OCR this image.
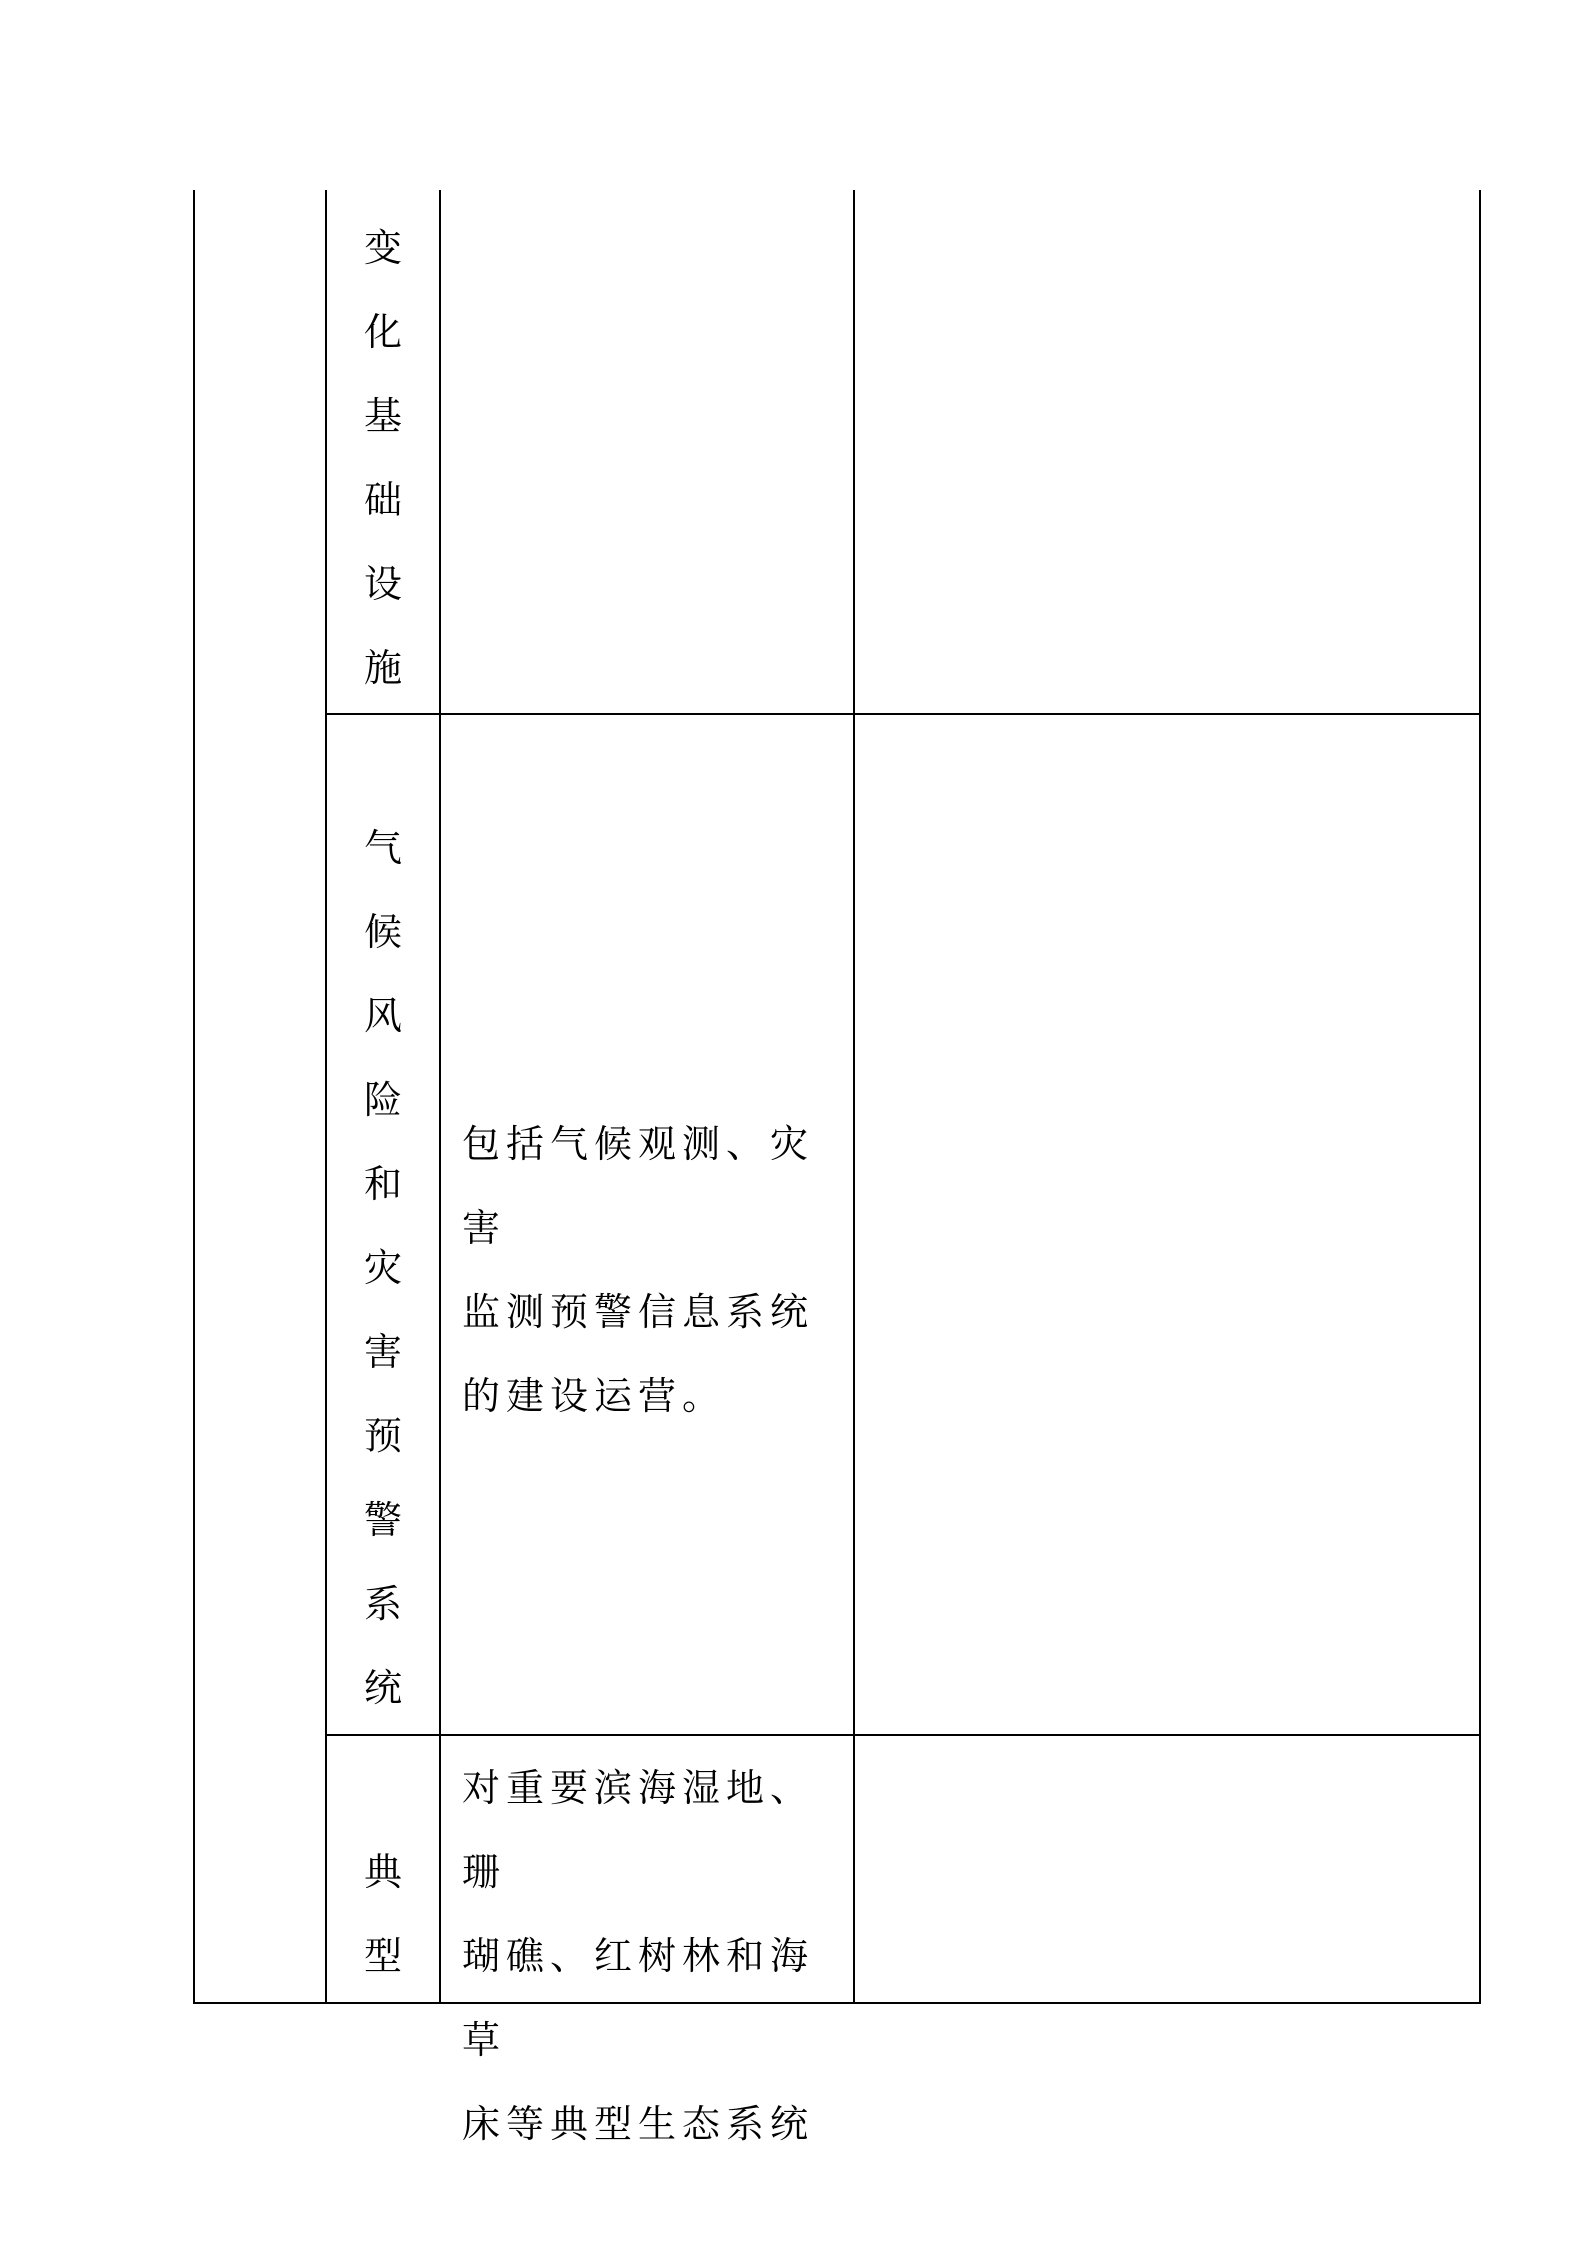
变
化
基
础
设
施
气
候
风
险
和
灾
害
预
警
系
统
包括气候观测、灾害
监测预警信息系统
的建设运营。
典
型
对重要滨海湿地、珊
瑚礁、红树林和海草
床等典型生态系统
